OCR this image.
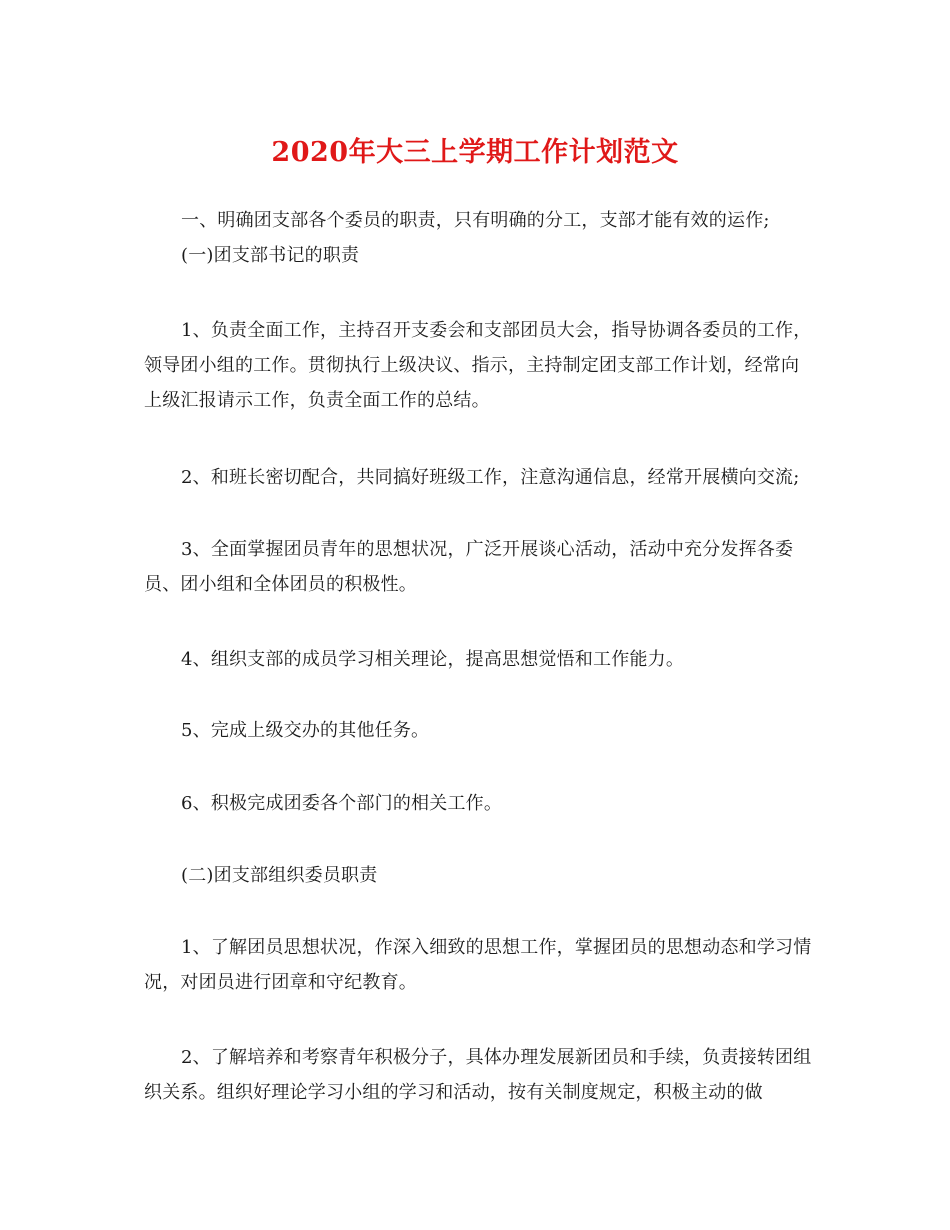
2020年大三上学期工作计划范文
一、明确团支部各个委员的职责，只有明确的分工，支部才能有效的运作;
(一)团支部书记的职责
1、负责全面工作，主持召开支委会和支部团员大会，指导协调各委员的工作，领导团小组的工作。贯彻执行上级决议、指示，主持制定团支部工作计划，经常向上级汇报请示工作，负责全面工作的总结。
2、和班长密切配合，共同搞好班级工作，注意沟通信息，经常开展横向交流;
3、全面掌握团员青年的思想状况，广泛开展谈心活动，活动中充分发挥各委员、团小组和全体团员的积极性。
4、组织支部的成员学习相关理论，提高思想觉悟和工作能力。
5、完成上级交办的其他任务。
6、积极完成团委各个部门的相关工作。
(二)团支部组织委员职责
1、了解团员思想状况，作深入细致的思想工作，掌握团员的思想动态和学习情况，对团员进行团章和守纪教育。
2、了解培养和考察青年积极分子，具体办理发展新团员和手续，负责接转团组织关系。组织好理论学习小组的学习和活动，按有关制度规定，积极主动的做
